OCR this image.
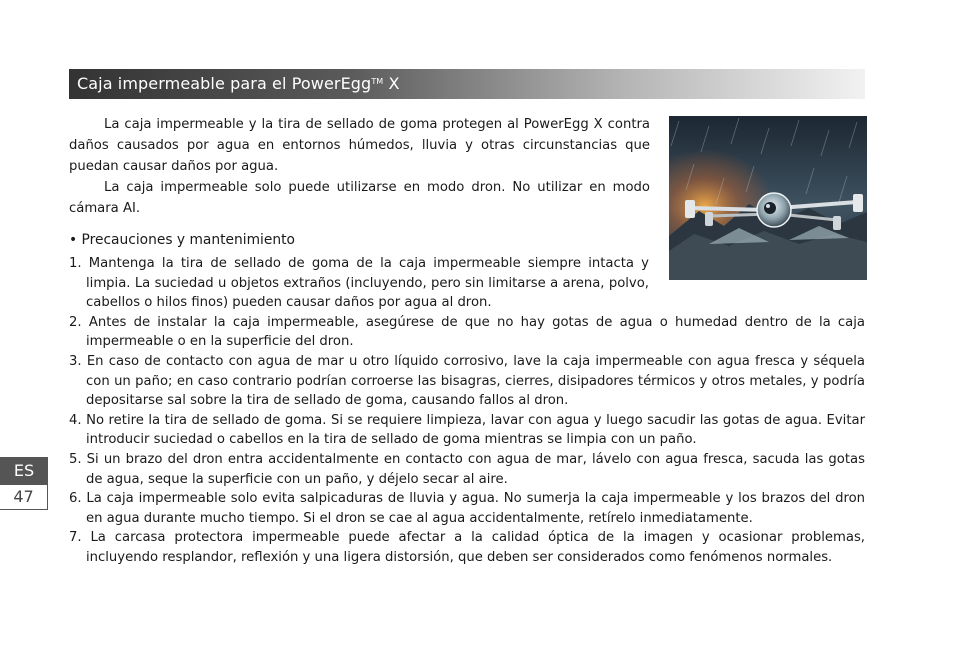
Caja impermeable para el PowerEgg™ X

La caja impermeable y la tira de sellado de goma protegen al PowerEgg X contra daños causados por agua en entornos húmedos, lluvia y otras circunstancias que puedan causar daños por agua.

La caja impermeable solo puede utilizarse en modo dron. No utilizar en modo cámara AI.

• Precauciones y mantenimiento

1. Mantenga la tira de sellado de goma de la caja impermeable siempre intacta y limpia. La suciedad u objetos extraños (incluyendo, pero sin limitarse a arena, polvo, cabellos o hilos finos) pueden causar daños por agua al dron.

2. Antes de instalar la caja impermeable, asegúrese de que no hay gotas de agua o humedad dentro de la caja impermeable o en la superficie del dron.

3. En caso de contacto con agua de mar u otro líquido corrosivo, lave la caja impermeable con agua fresca y séquela con un paño; en caso contrario podrían corroerse las bisagras, cierres, disipadores térmicos y otros metales, y podría depositarse sal sobre la tira de sellado de goma, causando fallos al dron.

4. No retire la tira de sellado de goma. Si se requiere limpieza, lavar con agua y luego sacudir las gotas de agua. Evitar introducir suciedad o cabellos en la tira de sellado de goma mientras se limpia con un paño.

5. Si un brazo del dron entra accidentalmente en contacto con agua de mar, lávelo con agua fresca, sacuda las gotas de agua, seque la superficie con un paño, y déjelo secar al aire.

6. La caja impermeable solo evita salpicaduras de lluvia y agua. No sumerja la caja impermeable y los brazos del dron en agua durante mucho tiempo. Si el dron se cae al agua accidentalmente, retírelo inmediatamente.

7. La carcasa protectora impermeable puede afectar a la calidad óptica de la imagen y ocasionar problemas, incluyendo resplandor, reflexión y una ligera distorsión, que deben ser considerados como fenómenos normales.

ES
47
